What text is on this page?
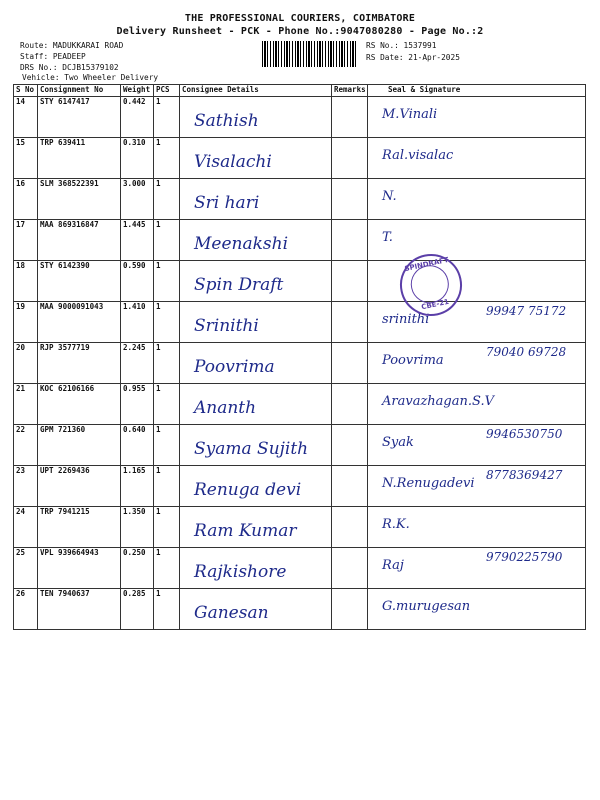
THE PROFESSIONAL COURIERS, COIMBATORE
Delivery Runsheet - PCK - Phone No.:9047080280 - Page No.:2
Route: MADUKKARAI ROAD
Staff: PEADEEP
DRS No.: DCJB15379102
Vehicle: Two Wheeler Delivery
RS No.: 1537991
RS Date: 21-Apr-2025
S No	Consignment No	Weight	PCS	Consignee Details	Remarks	Seal & Signature
14	STY 6147417	0.442	1	Sathish		M.Vinali

15	TRP 639411	0.310	1	Visalachi		Ral.visalac

16	SLM 368522391	3.000	1	Sri hari		N.

17	MAA 869316847	1.445	1	Meenakshi		T.

18	STY 6142390	0.590	1	Spin Draft		

19	MAA 9000091043	1.410	1	Srinithi		srinithi
99947 75172

20	RJP 3577719	2.245	1	Poovrima		Poovrima
79040 69728

21	KOC 62106166	0.955	1	Ananth		Aravazhagan.S.V

22	GPM 721360	0.640	1	Syama Sujith		Syak
9946530750

23	UPT 2269436	1.165	1	Renuga devi		N.Renugadevi
8778369427

24	TRP 7941215	1.350	1	Ram Kumar		R.K.

25	VPL 939664943	0.250	1	Rajkishore		Raj
9790225790

26	TEN 7940637	0.285	1	Ganesan		G.murugesan
SPINDRAFT
CBE-21
